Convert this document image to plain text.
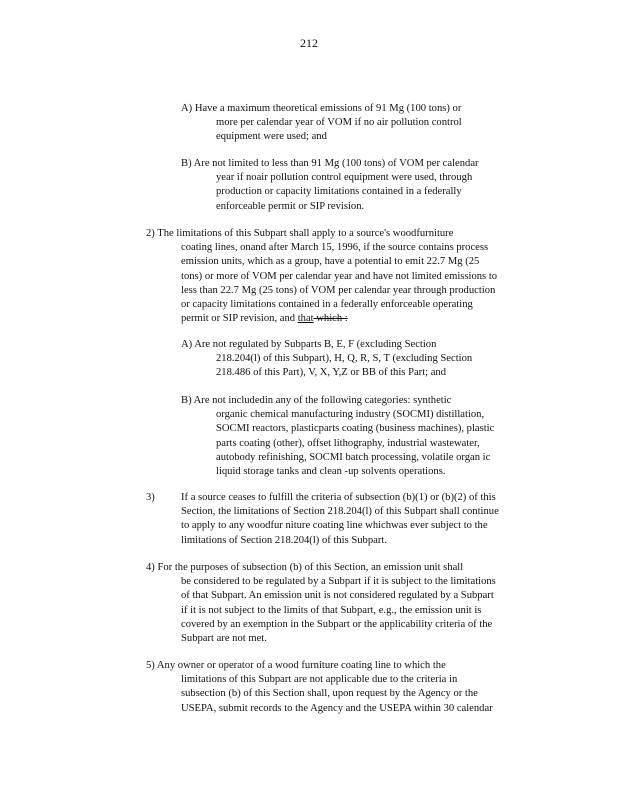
212
A) Have a maximum theoretical emissions of 91 Mg (100 tons) or
more per calendar year of VOM if no air pollution control
equipment were used; and
B) Are not limited to less than 91 Mg (100 tons) of VOM per calendar
year if noair pollution control equipment were used, through
production or capacity limitations contained in a federally
enforceable permit or SIP revision.
2) The limitations of this Subpart shall apply to a source's woodfurniture
coating lines, onand after March 15, 1996, if the source contains process
emission units, which as a group, have a potential to emit 22.7 Mg (25
tons) or more of VOM per calendar year and have not limited emissions to
less than 22.7 Mg (25 tons) of VOM per calendar year through production
or capacity limitations contained in a federally enforceable operating
permit or SIP revision, and that which :
A) Are not regulated by Subparts B, E, F (excluding Section
218.204(l) of this Subpart), H, Q, R, S, T (excluding Section
218.486 of this Part), V, X, Y,Z or BB of this Part; and
B) Are not includedin any of the following categories: synthetic
organic chemical manufacturing industry (SOCMI) distillation,
SOCMI reactors, plasticparts coating (business machines), plastic
parts coating (other), offset lithography, industrial wastewater,
autobody refinishing, SOCMI batch processing, volatile organ ic
liquid storage tanks and clean -up solvents operations.
3)	If a source ceases to fulfill the criteria of subsection (b)(1) or (b)(2) of this
Section, the limitations of Section 218.204(l) of this Subpart shall continue
to apply to any woodfur niture coating line whichwas ever subject to the
limitations of Section 218.204(l) of this Subpart.
4) For the purposes of subsection (b) of this Section, an emission unit shall
be considered to be regulated by a Subpart if it is subject to the limitations
of that Subpart. An emission unit is not considered regulated by a Subpart
if it is not subject to the limits of that Subpart, e.g., the emission unit is
covered by an exemption in the Subpart or the applicability criteria of the
Subpart are not met.
5) Any owner or operator of a wood furniture coating line to which the
limitations of this Subpart are not applicable due to the criteria in
subsection (b) of this Section shall, upon request by the Agency or the
USEPA, submit records to the Agency and the USEPA within 30 calendar
